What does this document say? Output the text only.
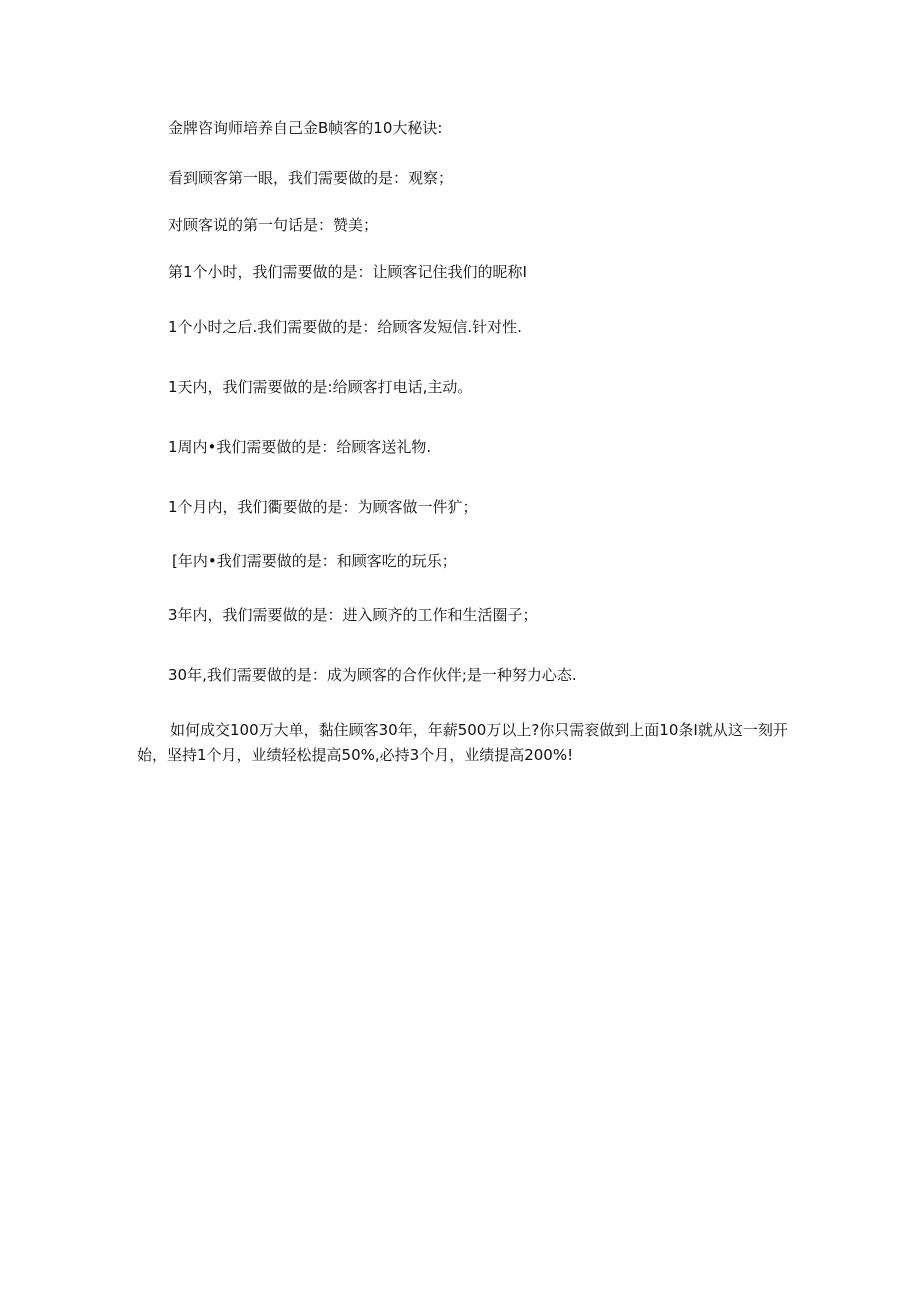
金牌咨询师培养自己金B帧客的10大秘诀:
看到顾客第一眼，我们需要做的是：观察；
对顾客说的第一句话是：赞美；
第1个小时，我们需要做的是：让顾客记住我们的昵称I
1个小时之后.我们需要做的是：给顾客发短信.针对性.
1天内，我们需要做的是:给顾客打电话,主动。
1周内•我们需要做的是：给顾客送礼物.
1个月内，我们衢要做的是：为顾客做一件犷；
[年内•我们需要做的是：和顾客吃的玩乐；
3年内，我们需要做的是：进入顾齐的工作和生活圈子；
30年,我们需要做的是：成为顾客的合作伙伴;是一种努力心态.
如何成交100万大单，黏住顾客30年，年薪500万以上?你只需衮做到上面10条I就从这一刻开始，坚持1个月，业绩轻松提高50%,必持3个月，业绩提高200%!
